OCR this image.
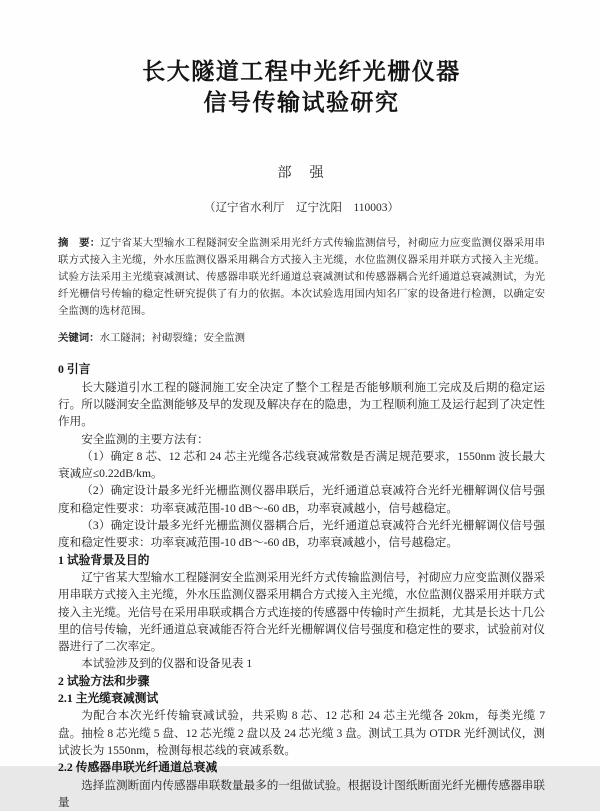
长大隧道工程中光纤光栅仪器
信号传输试验研究
部　强
（辽宁省水利厅　辽宁沈阳　110003）

摘　要：辽宁省某大型输水工程隧洞安全监测采用光纤方式传输监测信号，衬砌应力应变监测仪器采用串联方式接入主光缆，外水压监测仪器采用耦合方式接入主光缆，水位监测仪器采用并联方式接入主光缆。试验方法采用主光缆衰减测试、传感器串联光纤通道总衰减测试和传感器耦合光纤通道总衰减测试，为光纤光栅信号传输的稳定性研究提供了有力的依据。本次试验选用国内知名厂家的设备进行检测，以确定安全监测的选材范围。

关键词：水工隧洞；衬砌裂缝；安全监测

0 引言

长大隧道引水工程的隧洞施工安全决定了整个工程是否能够顺利施工完成及后期的稳定运行。所以隧洞安全监测能够及早的发现及解决存在的隐患，为工程顺利施工及运行起到了决定性作用。

安全监测的主要方法有：

（1）确定 8 芯、12 芯和 24 芯主光缆各芯线衰减常数是否满足规范要求，1550nm 波长最大衰减应≤0.22dB/km。

（2）确定设计最多光纤光栅监测仪器串联后，光纤通道总衰减符合光纤光栅解调仪信号强度和稳定性要求：功率衰减范围-10 dB～-60 dB，功率衰减越小，信号越稳定。

（3）确定设计最多光纤光栅监测仪器耦合后，光纤通道总衰减符合光纤光栅解调仪信号强度和稳定性要求：功率衰减范围-10 dB～-60 dB，功率衰减越小，信号越稳定。

1 试验背景及目的

辽宁省某大型输水工程隧洞安全监测采用光纤方式传输监测信号，衬砌应力应变监测仪器采用串联方式接入主光缆，外水压监测仪器采用耦合方式接入主光缆，水位监测仪器采用并联方式接入主光缆。光信号在采用串联或耦合方式连接的传感器中传输时产生损耗，尤其是长达十几公里的信号传输，光纤通道总衰减能否符合光纤光栅解调仪信号强度和稳定性的要求，试验前对仪器进行了二次率定。

本试验涉及到的仪器和设备见表 1

2 试验方法和步骤

2.1 主光缆衰减测试

为配合本次光纤传输衰减试验，共采购 8 芯、12 芯和 24 芯主光缆各 20km，每类光缆 7 盘。抽检 8 芯光缆 5 盘、12 芯光缆 2 盘以及 24 芯光缆 3 盘。测试工具为 OTDR 光纤测试仪，测试波长为 1550nm，检测每根芯线的衰减系数。

2.2 传感器串联光纤通道总衰减

选择监测断面内传感器串联数量最多的一组做试验。根据设计图纸断面光纤光栅传感器串联量
